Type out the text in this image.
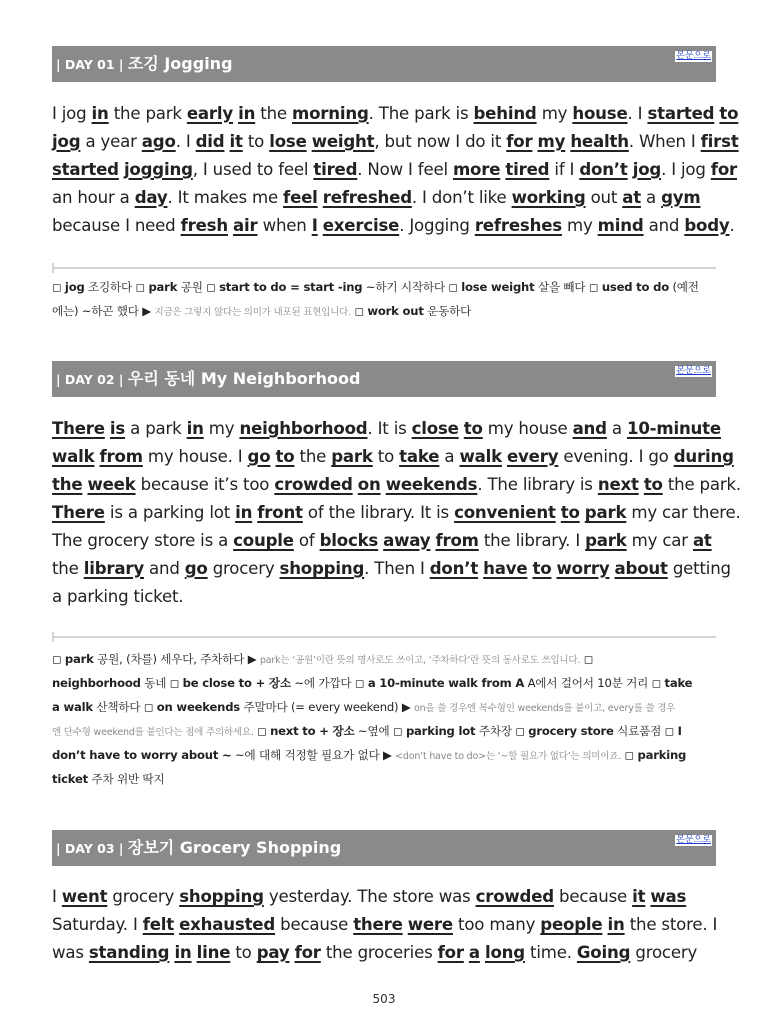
| DAY 01 | 조깅 Jogging	본문으로
I jog in the park early in the morning. The park is behind my house. I started to
jog a year ago. I did it to lose weight, but now I do it for my health. When I first
started jogging, I used to feel tired. Now I feel more tired if I don’t jog. I jog for
an hour a day. It makes me feel refreshed. I don’t like working out at a gym
because I need fresh air when I exercise. Jogging refreshes my mind and body.
◻ jog 조깅하다 ◻ park 공원 ◻ start to do = start -ing ~하기 시작하다 ◻ lose weight 살을 빼다 ◻ used to do (예전
에는) ~하곤 했다 ▶ 지금은 그렇지 않다는 의미가 내포된 표현입니다. ◻ work out 운동하다
| DAY 02 | 우리 동네 My Neighborhood	본문으로
There is a park in my neighborhood. It is close to my house and a 10-minute
walk from my house. I go to the park to take a walk every evening. I go during
the week because it’s too crowded on weekends. The library is next to the park.
There is a parking lot in front of the library. It is convenient to park my car there.
The grocery store is a couple of blocks away from the library. I park my car at
the library and go grocery shopping. Then I don’t have to worry about getting
a parking ticket.
◻ park 공원, (차를) 세우다, 주차하다 ▶ park는 ‘공원’이란 뜻의 명사로도 쓰이고, ‘주차하다’란 뜻의 동사로도 쓰입니다. ◻
neighborhood 동네 ◻ be close to + 장소 ~에 가깝다 ◻ a 10-minute walk from A A에서 걸어서 10분 거리 ◻ take
a walk 산책하다 ◻ on weekends 주말마다 (= every weekend) ▶ on을 쓸 경우엔 복수형인 weekends를 붙이고, every를 쓸 경우
엔 단수형 weekend를 붙인다는 점에 주의하세요. ◻ next to + 장소 ~옆에 ◻ parking lot 주차장 ◻ grocery store 식료품점 ◻ I
don’t have to worry about ~ ~에 대해 걱정할 필요가 없다 ▶ <don’t have to do>는 ‘~할 필요가 없다’는 의미이죠. ◻ parking
ticket 주차 위반 딱지
| DAY 03 | 장보기 Grocery Shopping	본문으로
I went grocery shopping yesterday. The store was crowded because it was
Saturday. I felt exhausted because there were too many people in the store. I
was standing in line to pay for the groceries for a long time. Going grocery
503
